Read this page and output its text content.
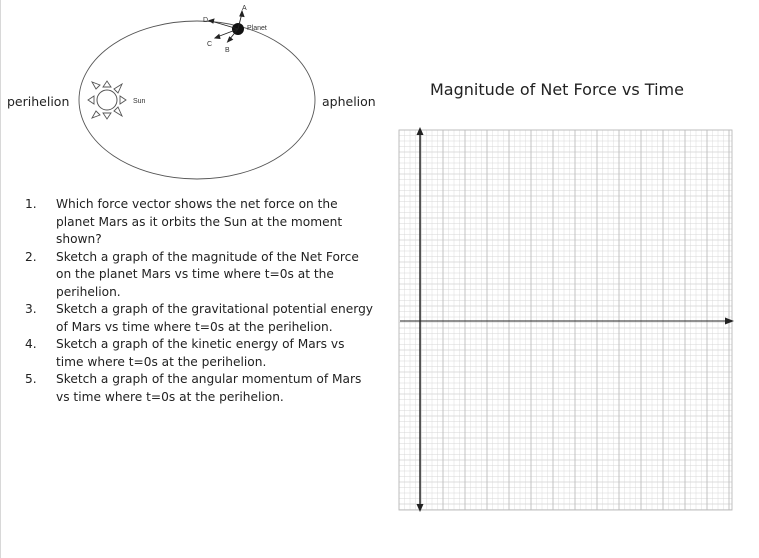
Sun
Planet
A
B
C
D
perihelion	aphelion
1.	Which force vector shows the net force on the planet Mars as it orbits the Sun at the moment shown?
2.	Sketch a graph of the magnitude of the Net Force on the planet Mars vs time where t=0s at the perihelion.
3.	Sketch a graph of the gravitational potential energy of Mars vs time where t=0s at the perihelion.
4.	Sketch a graph of the kinetic energy of Mars vs time where t=0s at the perihelion.
5.	Sketch a graph of the angular momentum of Mars vs time where t=0s at the perihelion.
Magnitude of Net Force vs Time
